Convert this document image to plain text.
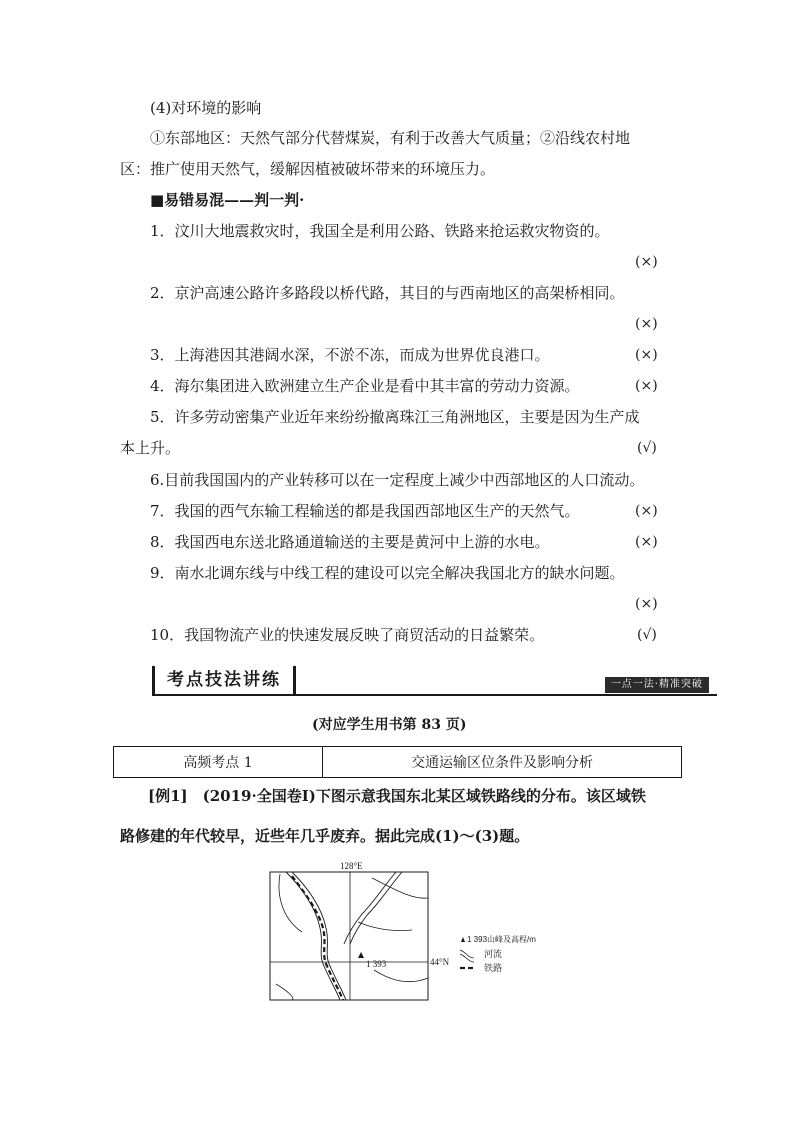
(4)对环境的影响
①东部地区：天然气部分代替煤炭，有利于改善大气质量；②沿线农村地
区：推广使用天然气，缓解因植被破坏带来的环境压力。
■易错易混——判一判·
1．汶川大地震救灾时，我国全是利用公路、铁路来抢运救灾物资的。
(×)
2．京沪高速公路许多路段以桥代路，其目的与西南地区的高架桥相同。
(×)
3．上海港因其港阔水深，不淤不冻，而成为世界优良港口。	(×)
4．海尔集团进入欧洲建立生产企业是看中其丰富的劳动力资源。	(×)
5．许多劳动密集产业近年来纷纷撤离珠江三角洲地区，主要是因为生产成
本上升。	(√)
6.目前我国国内的产业转移可以在一定程度上减少中西部地区的人口流动。
7．我国的西气东输工程输送的都是我国西部地区生产的天然气。	(×)
8．我国西电东送北路通道输送的主要是黄河中上游的水电。	(×)
9．南水北调东线与中线工程的建设可以完全解决我国北方的缺水问题。
(×)
10．我国物流产业的快速发展反映了商贸活动的日益繁荣。	(√)
考点技法讲练	一点一法·精准突破
(对应学生用书第 83 页)
高频考点 1	交通运输区位条件及影响分析
[例1]　(2019·全国卷Ⅰ)下图示意我国东北某区域铁路线的分布。该区域铁
路修建的年代较早，近些年几乎废弃。据此完成(1)～(3)题。
1 393
128°E
44°N
1 393山峰及高程/m
河流
铁路
